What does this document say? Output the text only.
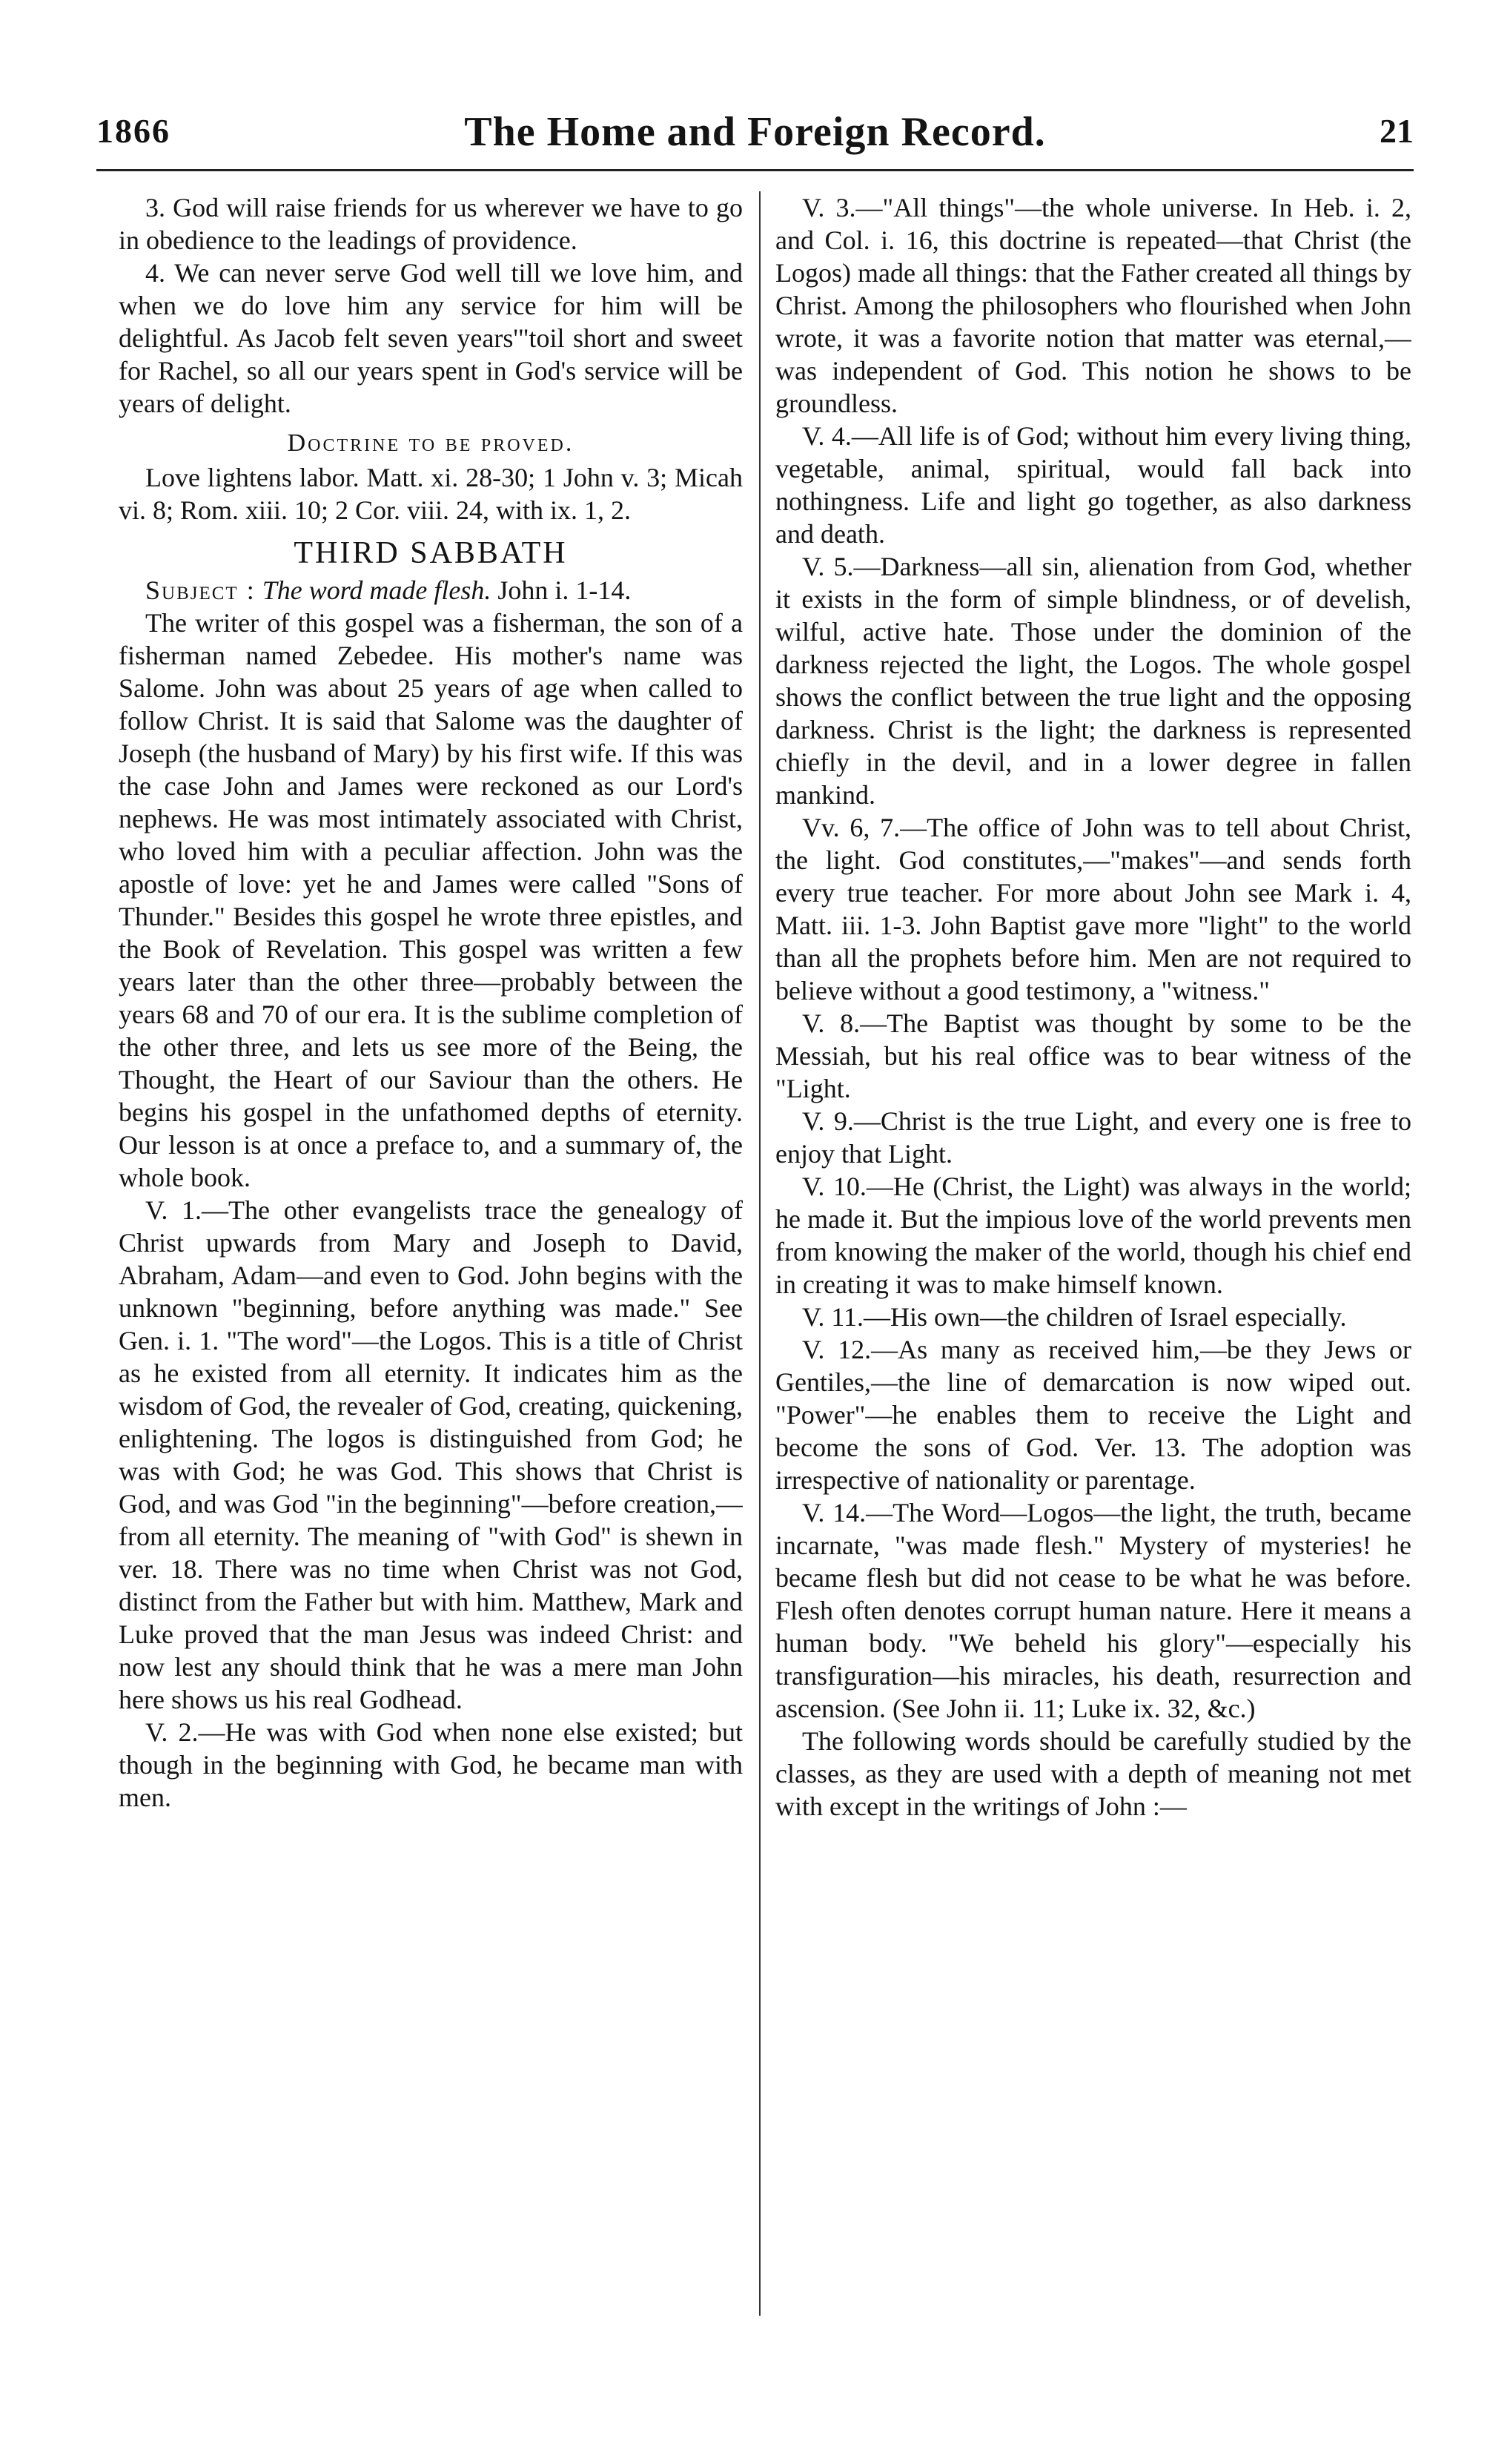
1866	The Home and Foreign Record.	21

3. God will raise friends for us wherever we have to go in obedience to the leadings of providence.

4. We can never serve God well till we love him, and when we do love him any service for him will be delightful. As Jacob felt seven years'"toil short and sweet for Rachel, so all our years spent in God's service will be years of delight.

Doctrine to be proved.

Love lightens labor. Matt. xi. 28-30; 1 John v. 3; Micah vi. 8; Rom. xiii. 10; 2 Cor. viii. 24, with ix. 1, 2.

THIRD SABBATH

Subject : The word made flesh. John i. 1-14.

The writer of this gospel was a fisherman, the son of a fisherman named Zebedee. His mother's name was Salome. John was about 25 years of age when called to follow Christ. It is said that Salome was the daughter of Joseph (the husband of Mary) by his first wife. If this was the case John and James were reckoned as our Lord's nephews. He was most intimately associated with Christ, who loved him with a peculiar affection. John was the apostle of love: yet he and James were called "Sons of Thunder." Besides this gospel he wrote three epistles, and the Book of Revelation. This gospel was written a few years later than the other three—probably between the years 68 and 70 of our era. It is the sublime completion of the other three, and lets us see more of the Being, the Thought, the Heart of our Saviour than the others. He begins his gospel in the unfathomed depths of eternity. Our lesson is at once a preface to, and a summary of, the whole book.

V. 1.—The other evangelists trace the genealogy of Christ upwards from Mary and Joseph to David, Abraham, Adam—and even to God. John begins with the unknown "beginning, before anything was made." See Gen. i. 1. "The word"—the Logos. This is a title of Christ as he existed from all eternity. It indicates him as the wisdom of God, the revealer of God, creating, quickening, enlightening. The logos is distinguished from God; he was with God; he was God. This shows that Christ is God, and was God "in the beginning"—before creation,—from all eternity. The meaning of "with God" is shewn in ver. 18. There was no time when Christ was not God, distinct from the Father but with him. Matthew, Mark and Luke proved that the man Jesus was indeed Christ: and now lest any should think that he was a mere man John here shows us his real Godhead.

V. 2.—He was with God when none else existed; but though in the beginning with God, he became man with men.

V. 3.—"All things"—the whole universe. In Heb. i. 2, and Col. i. 16, this doctrine is repeated—that Christ (the Logos) made all things: that the Father created all things by Christ. Among the philosophers who flourished when John wrote, it was a favorite notion that matter was eternal,—was independent of God. This notion he shows to be groundless.

V. 4.—All life is of God; without him every living thing, vegetable, animal, spiritual, would fall back into nothingness. Life and light go together, as also darkness and death.

V. 5.—Darkness—all sin, alienation from God, whether it exists in the form of simple blindness, or of develish, wilful, active hate. Those under the dominion of the darkness rejected the light, the Logos. The whole gospel shows the conflict between the true light and the opposing darkness. Christ is the light; the darkness is represented chiefly in the devil, and in a lower degree in fallen mankind.

Vv. 6, 7.—The office of John was to tell about Christ, the light. God constitutes,—"makes"—and sends forth every true teacher. For more about John see Mark i. 4, Matt. iii. 1-3. John Baptist gave more "light" to the world than all the prophets before him. Men are not required to believe without a good testimony, a "witness."

V. 8.—The Baptist was thought by some to be the Messiah, but his real office was to bear witness of the "Light.

V. 9.—Christ is the true Light, and every one is free to enjoy that Light.

V. 10.—He (Christ, the Light) was always in the world; he made it. But the impious love of the world prevents men from knowing the maker of the world, though his chief end in creating it was to make himself known.

V. 11.—His own—the children of Israel especially.

V. 12.—As many as received him,—be they Jews or Gentiles,—the line of demarcation is now wiped out. "Power"—he enables them to receive the Light and become the sons of God. Ver. 13. The adoption was irrespective of nationality or parentage.

V. 14.—The Word—Logos—the light, the truth, became incarnate, "was made flesh." Mystery of mysteries! he became flesh but did not cease to be what he was before. Flesh often denotes corrupt human nature. Here it means a human body. "We beheld his glory"—especially his transfiguration—his miracles, his death, resurrection and ascension. (See John ii. 11; Luke ix. 32, &c.)

The following words should be carefully studied by the classes, as they are used with a depth of meaning not met with except in the writings of John :—
